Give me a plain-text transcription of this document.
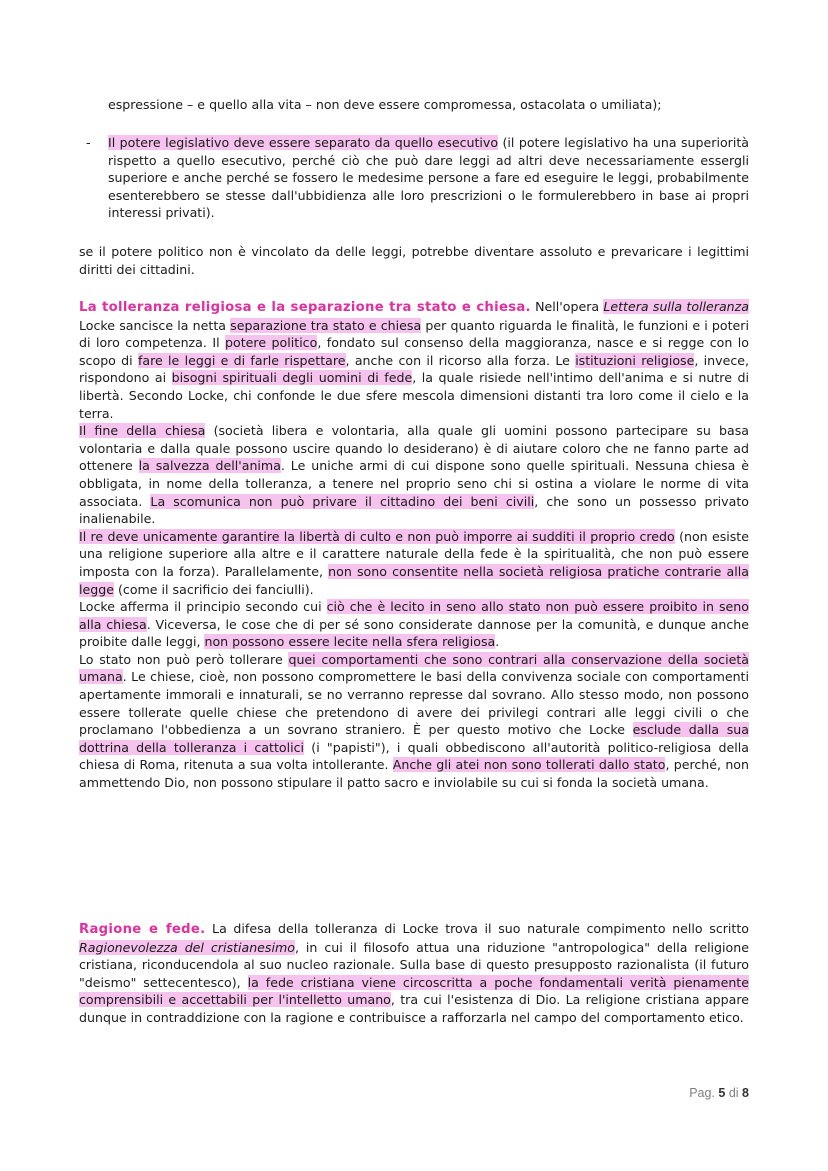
espressione – e quello alla vita – non deve essere compromessa, ostacolata o umiliata);

- Il potere legislativo deve essere separato da quello esecutivo (il potere legislativo ha una superiorità rispetto a quello esecutivo, perché ciò che può dare leggi ad altri deve necessariamente essergli superiore e anche perché se fossero le medesime persone a fare ed eseguire le leggi, probabilmente esenterebbero se stesse dall'ubbidienza alle loro prescrizioni o le formulerebbero in base ai propri interessi privati).

se il potere politico non è vincolato da delle leggi, potrebbe diventare assoluto e prevaricare i legittimi diritti dei cittadini.

La tolleranza religiosa e la separazione tra stato e chiesa. Nell'opera Lettera sulla tolleranza Locke sancisce la netta separazione tra stato e chiesa per quanto riguarda le finalità, le funzioni e i poteri di loro competenza. Il potere politico, fondato sul consenso della maggioranza, nasce e si regge con lo scopo di fare le leggi e di farle rispettare, anche con il ricorso alla forza. Le istituzioni religiose, invece, rispondono ai bisogni spirituali degli uomini di fede, la quale risiede nell'intimo dell'anima e si nutre di libertà. Secondo Locke, chi confonde le due sfere mescola dimensioni distanti tra loro come il cielo e la terra.

Il fine della chiesa (società libera e volontaria, alla quale gli uomini possono partecipare su basa volontaria e dalla quale possono uscire quando lo desiderano) è di aiutare coloro che ne fanno parte ad ottenere la salvezza dell'anima. Le uniche armi di cui dispone sono quelle spirituali. Nessuna chiesa è obbligata, in nome della tolleranza, a tenere nel proprio seno chi si ostina a violare le norme di vita associata. La scomunica non può privare il cittadino dei beni civili, che sono un possesso privato inalienabile.

Il re deve unicamente garantire la libertà di culto e non può imporre ai sudditi il proprio credo (non esiste una religione superiore alla altre e il carattere naturale della fede è la spiritualità, che non può essere imposta con la forza). Parallelamente, non sono consentite nella società religiosa pratiche contrarie alla legge (come il sacrificio dei fanciulli).

Locke afferma il principio secondo cui ciò che è lecito in seno allo stato non può essere proibito in seno alla chiesa. Viceversa, le cose che di per sé sono considerate dannose per la comunità, e dunque anche proibite dalle leggi, non possono essere lecite nella sfera religiosa.

Lo stato non può però tollerare quei comportamenti che sono contrari alla conservazione della società umana. Le chiese, cioè, non possono compromettere le basi della convivenza sociale con comportamenti apertamente immorali e innaturali, se no verranno represse dal sovrano. Allo stesso modo, non possono essere tollerate quelle chiese che pretendono di avere dei privilegi contrari alle leggi civili o che proclamano l'obbedienza a un sovrano straniero. È per questo motivo che Locke esclude dalla sua dottrina della tolleranza i cattolici (i "papisti"), i quali obbediscono all'autorità politico-religiosa della chiesa di Roma, ritenuta a sua volta intollerante. Anche gli atei non sono tollerati dallo stato, perché, non ammettendo Dio, non possono stipulare il patto sacro e inviolabile su cui si fonda la società umana.

Ragione e fede. La difesa della tolleranza di Locke trova il suo naturale compimento nello scritto Ragionevolezza del cristianesimo, in cui il filosofo attua una riduzione "antropologica" della religione cristiana, riconducendola al suo nucleo razionale. Sulla base di questo presupposto razionalista (il futuro "deismo" settecentesco), la fede cristiana viene circoscritta a poche fondamentali verità pienamente comprensibili e accettabili per l'intelletto umano, tra cui l'esistenza di Dio. La religione cristiana appare dunque in contraddizione con la ragione e contribuisce a rafforzarla nel campo del comportamento etico.

Pag. 5 di 8
